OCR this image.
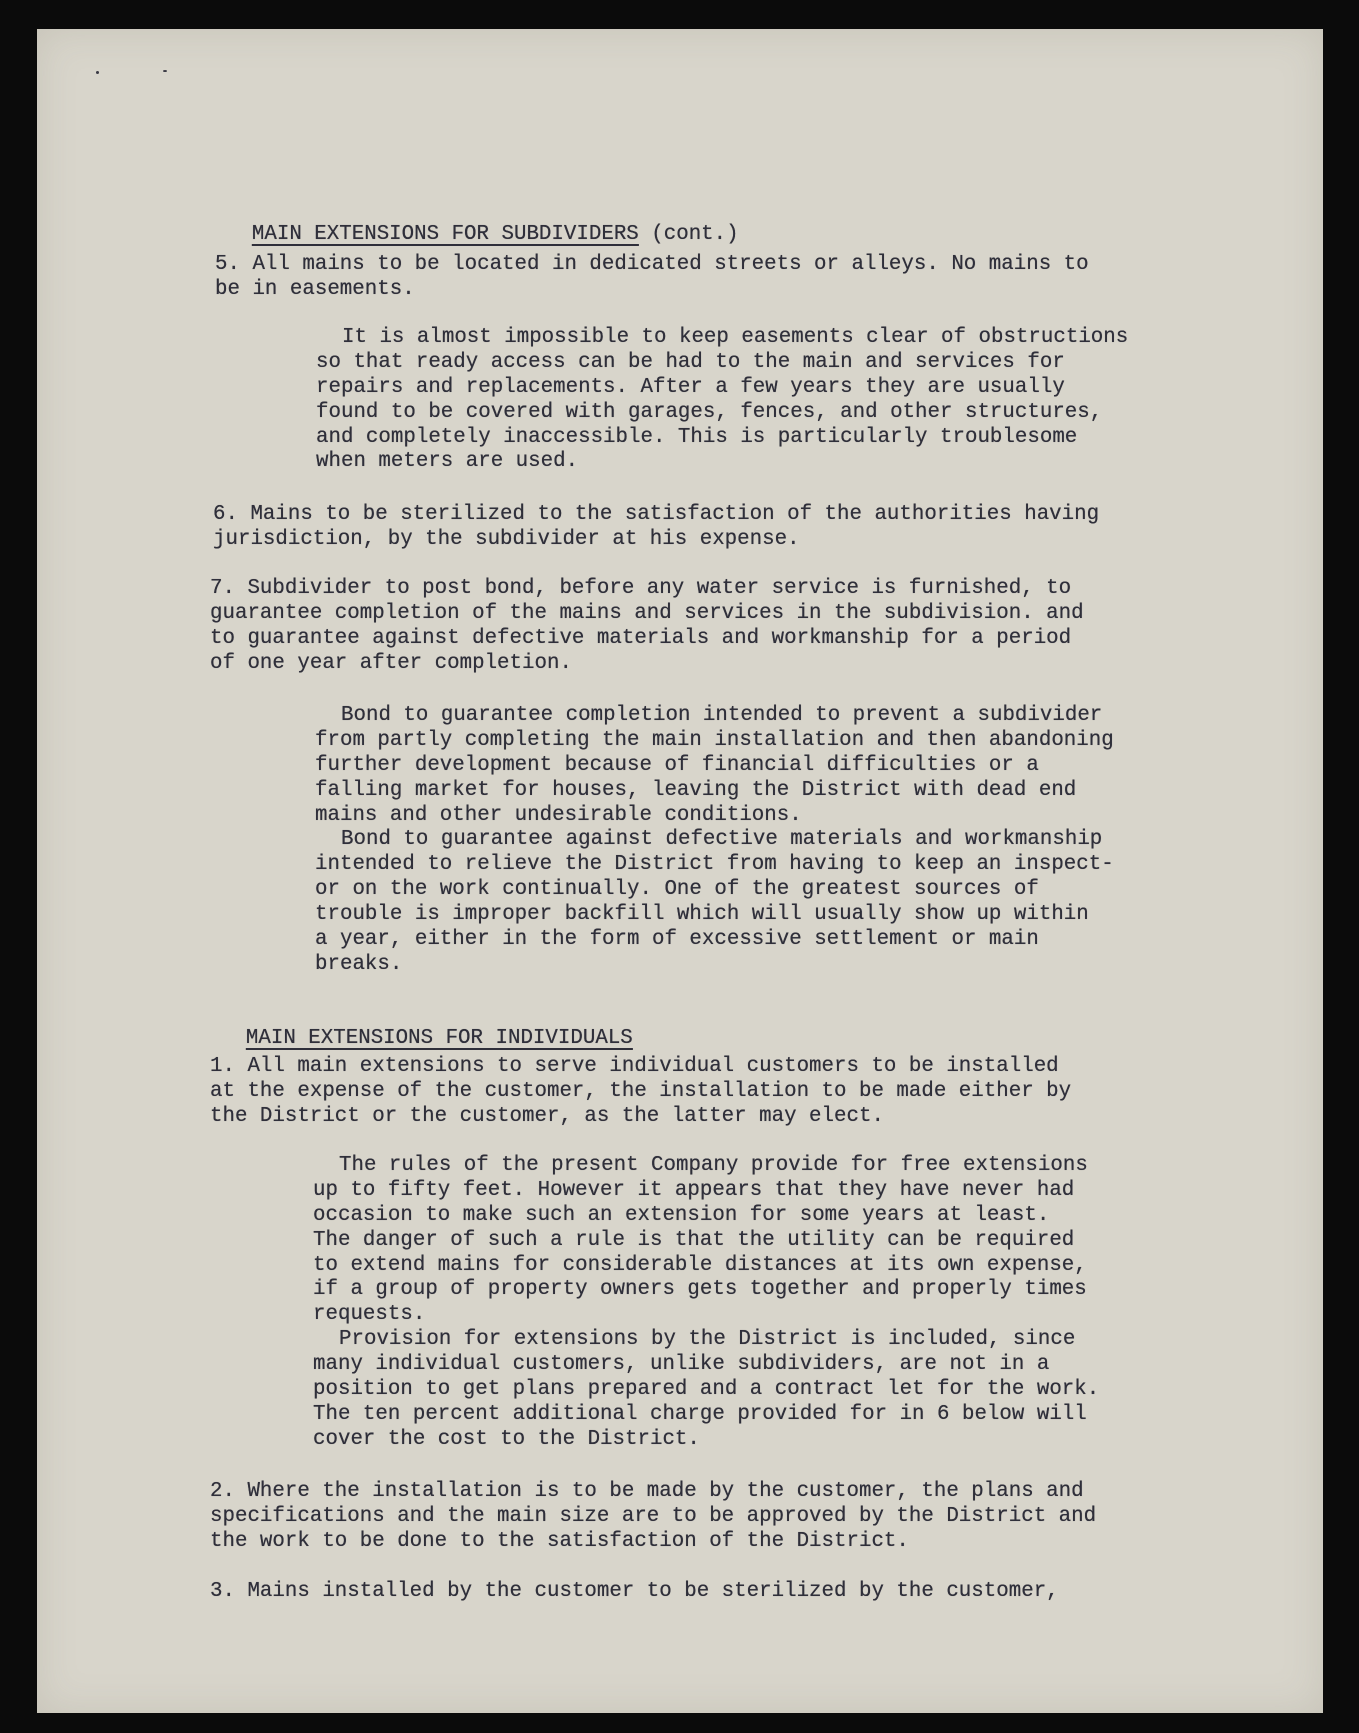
MAIN EXTENSIONS FOR SUBDIVIDERS (cont.)

5. All mains to be located in dedicated streets or alleys. No mains to
be in easements.
It is almost impossible to keep easements clear of obstructions
so that ready access can be had to the main and services for
repairs and replacements. After a few years they are usually
found to be covered with garages, fences, and other structures,
and completely inaccessible. This is particularly troublesome
when meters are used.
6. Mains to be sterilized to the satisfaction of the authorities having
jurisdiction, by the subdivider at his expense.
7. Subdivider to post bond, before any water service is furnished, to
guarantee completion of the mains and services in the subdivision. and
to guarantee against defective materials and workmanship for a period
of one year after completion.
Bond to guarantee completion intended to prevent a subdivider
from partly completing the main installation and then abandoning
further development because of financial difficulties or a
falling market for houses, leaving the District with dead end
mains and other undesirable conditions.
Bond to guarantee against defective materials and workmanship
intended to relieve the District from having to keep an inspect-
or on the work continually. One of the greatest sources of
trouble is improper backfill which will usually show up within
a year, either in the form of excessive settlement or main
breaks.

MAIN EXTENSIONS FOR INDIVIDUALS

1. All main extensions to serve individual customers to be installed
at the expense of the customer, the installation to be made either by
the District or the customer, as the latter may elect.
The rules of the present Company provide for free extensions
up to fifty feet. However it appears that they have never had
occasion to make such an extension for some years at least.
The danger of such a rule is that the utility can be required
to extend mains for considerable distances at its own expense,
if a group of property owners gets together and properly times
requests.
Provision for extensions by the District is included, since
many individual customers, unlike subdividers, are not in a
position to get plans prepared and a contract let for the work.
The ten percent additional charge provided for in 6 below will
cover the cost to the District.
2. Where the installation is to be made by the customer, the plans and
specifications and the main size are to be approved by the District and
the work to be done to the satisfaction of the District.
3. Mains installed by the customer to be sterilized by the customer,
